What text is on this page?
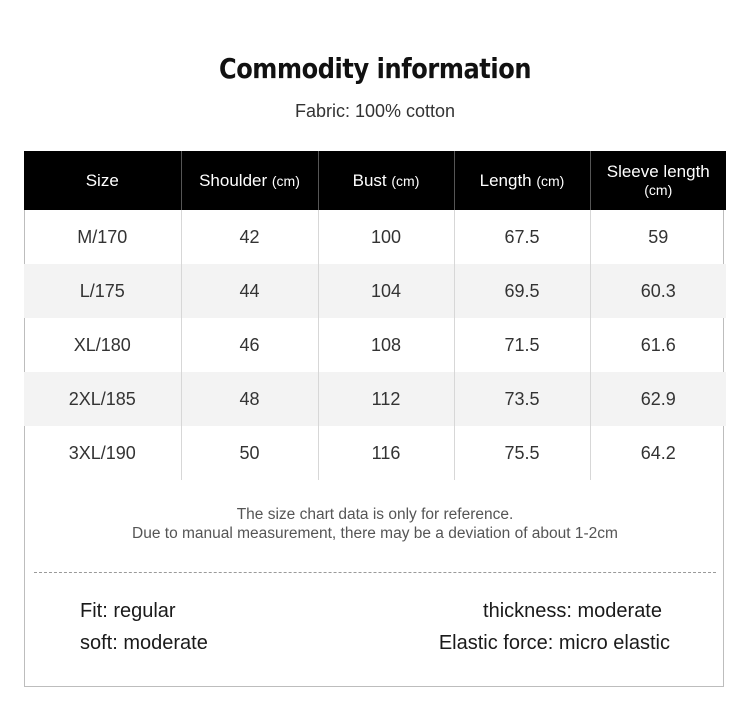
Commodity information
Fabric: 100% cotton
Size	Shoulder (cm)	Bust (cm)	Length (cm)	Sleeve length
(cm)
M/170	42	100	67.5	59
L/175	44	104	69.5	60.3
XL/180	46	108	71.5	61.6
2XL/185	48	112	73.5	62.9
3XL/190	50	116	75.5	64.2
The size chart data is only for reference.
Due to manual measurement, there may be a deviation of about 1-2cm
Fit: regular	thickness: moderate
soft: moderate	Elastic force: micro elastic
